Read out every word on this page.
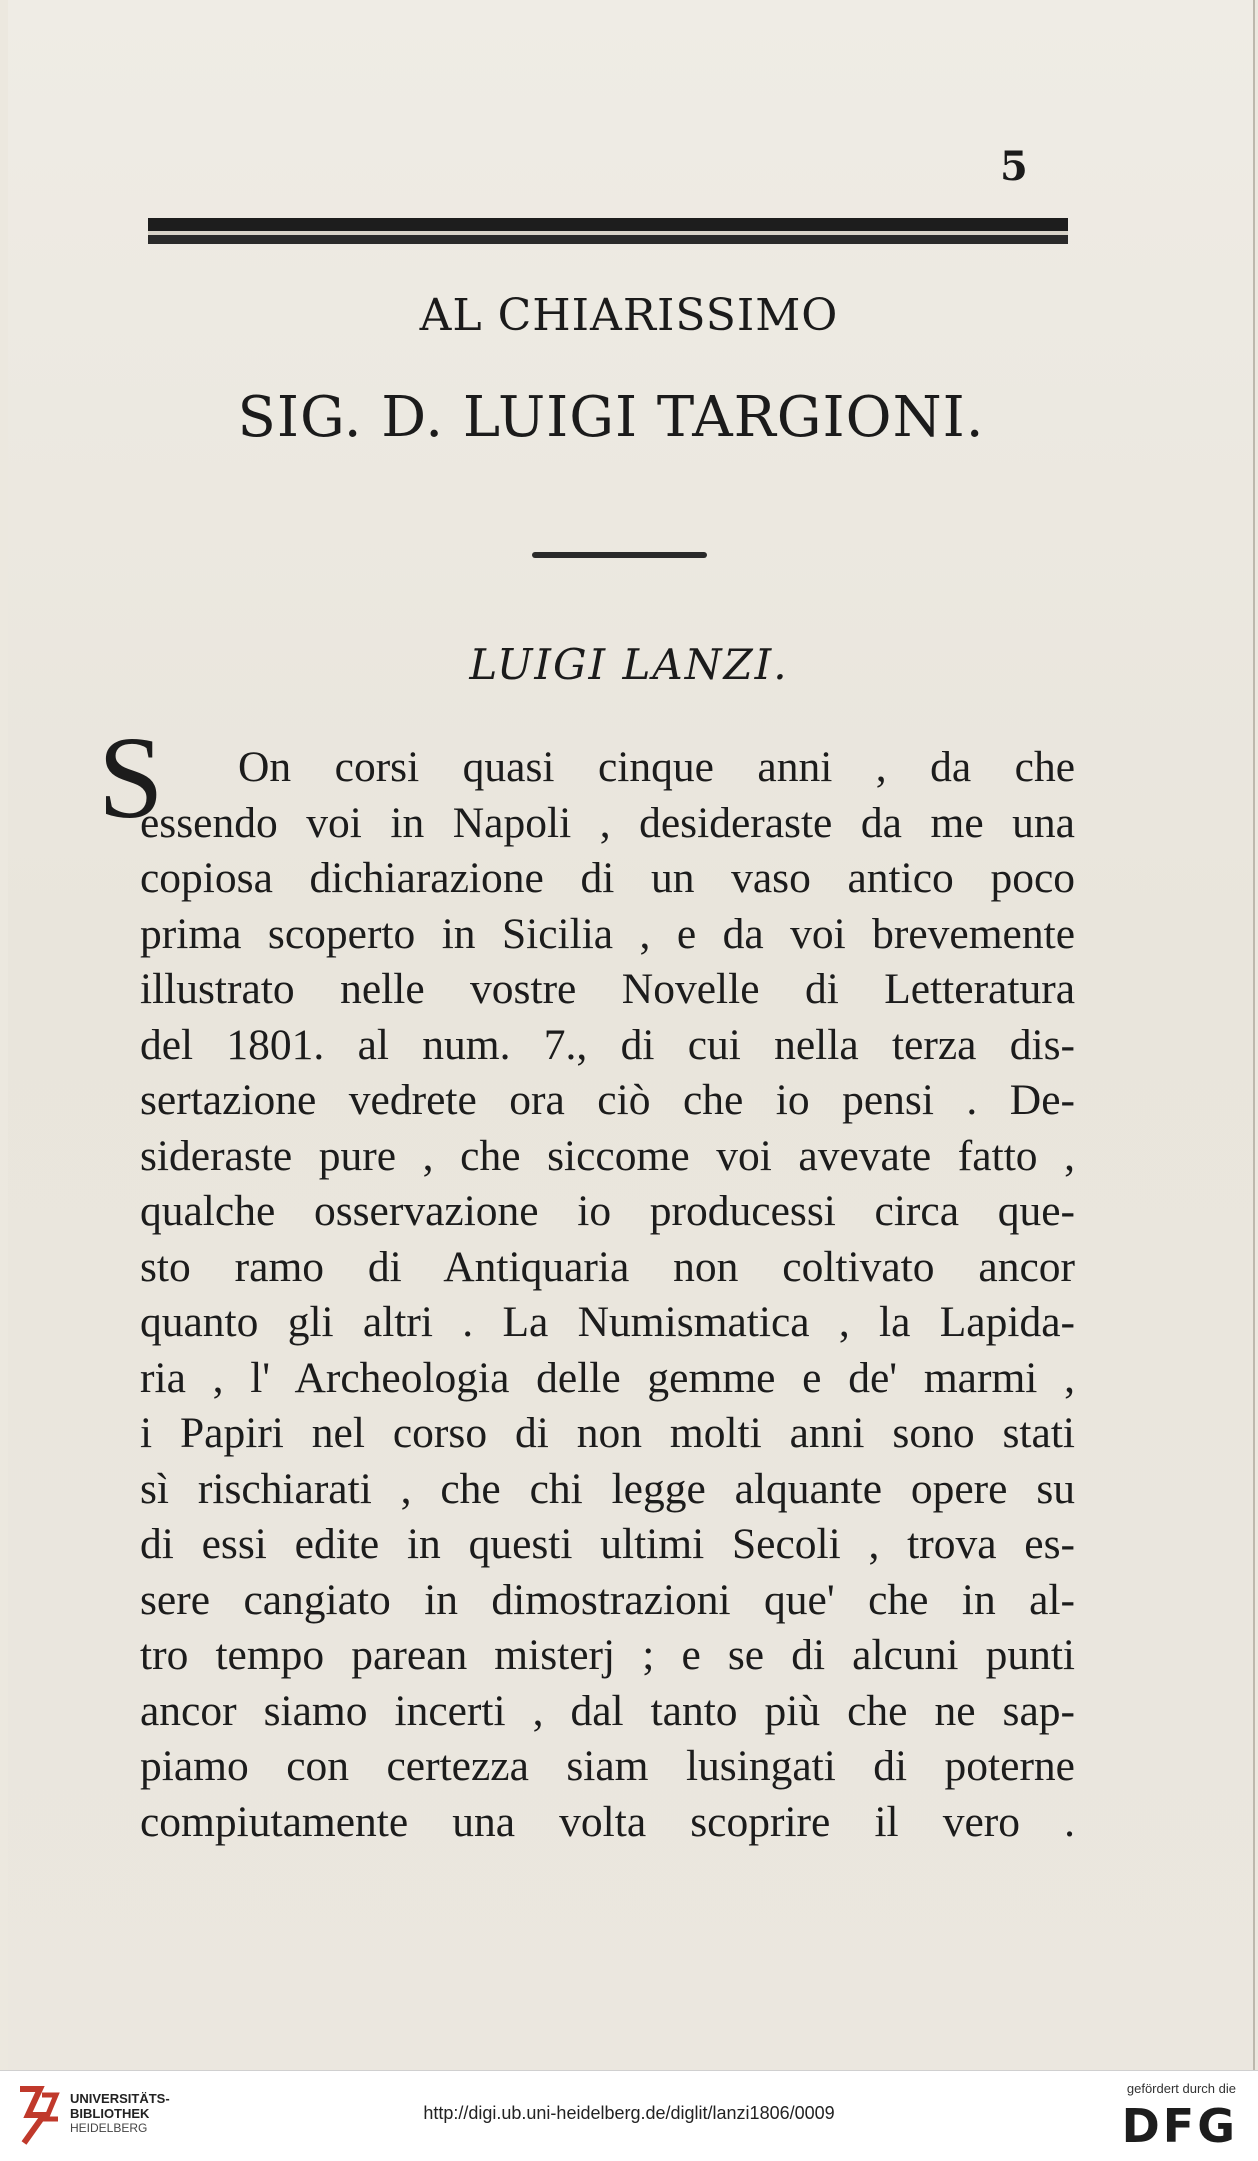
5
AL CHIARISSIMO
SIG. D. LUIGI TARGIONI.
LUIGI LANZI.
S	On corsi quasi cinque anni , da che
essendo voi in Napoli , desideraste da me una
copiosa dichiarazione di un vaso antico poco
prima scoperto in Sicilia , e da voi brevemente
illustrato nelle vostre Novelle di Letteratura
del 1801. al num. 7., di cui nella terza dis-
sertazione vedrete ora ciò che io pensi . De-
sideraste pure , che siccome voi avevate fatto ,
qualche osservazione io producessi circa que-
sto ramo di Antiquaria non coltivato ancor
quanto gli altri . La Numismatica , la Lapida-
ria , l' Archeologia delle gemme e de' marmi ,
i Papiri nel corso di non molti anni sono stati
sì rischiarati , che chi legge alquante opere su
di essi edite in questi ultimi Secoli , trova es-
sere cangiato in dimostrazioni que' che in al-
tro tempo parean misterj ; e se di alcuni punti
ancor siamo incerti , dal tanto più che ne sap-
piamo con certezza siam lusingati di poterne
compiutamente una volta scoprire il vero .
UNIVERSITÄTS-
BIBLIOTHEK
HEIDELBERG
http://digi.ub.uni-heidelberg.de/diglit/lanzi1806/0009
gefördert durch die
DFG
